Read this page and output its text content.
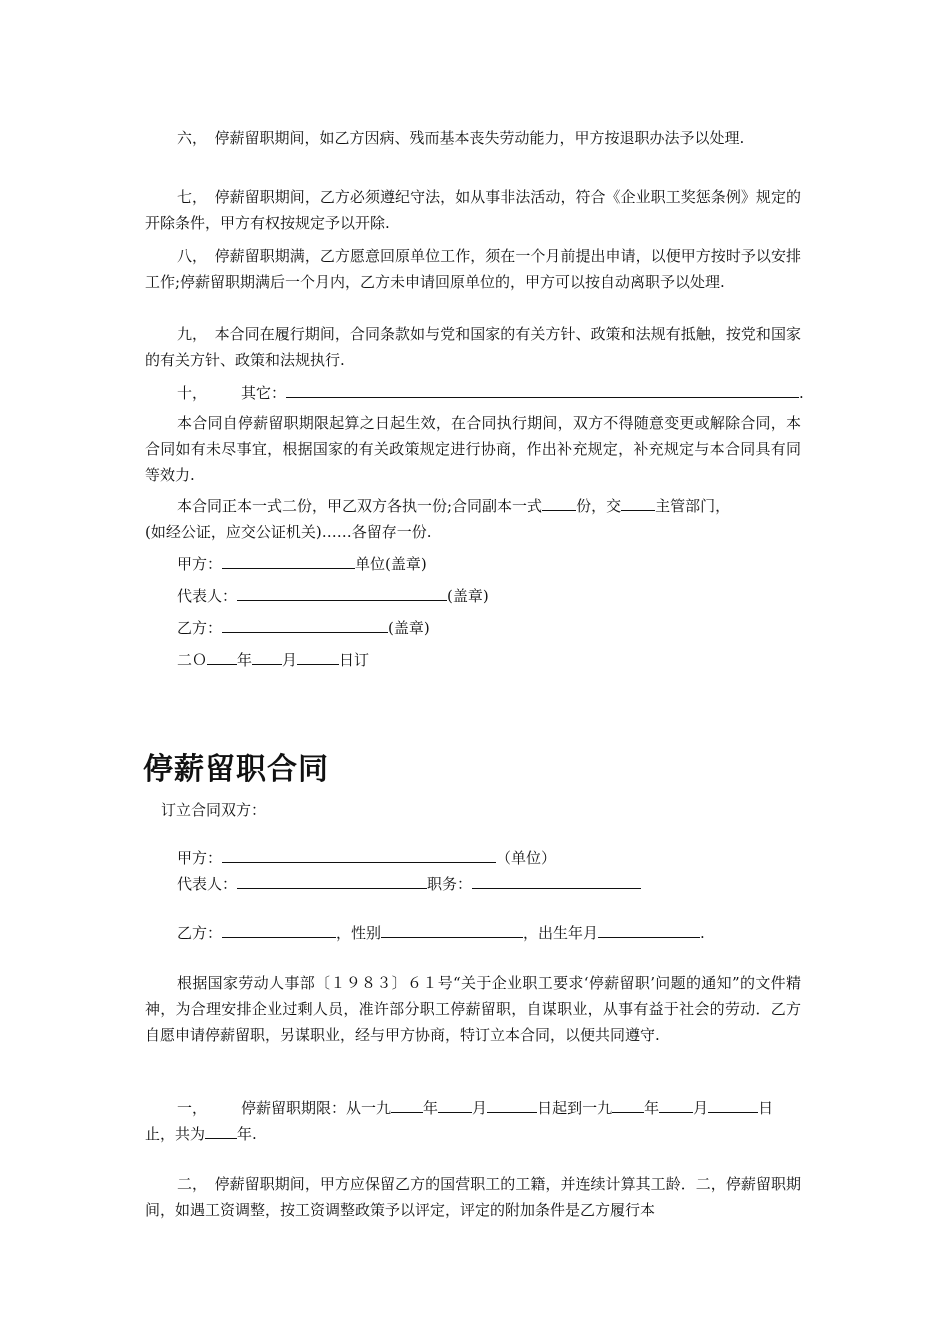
六，　停薪留职期间，如乙方因病、残而基本丧失劳动能力，甲方按退职办法予以处理.

七，　停薪留职期间，乙方必须遵纪守法，如从事非法活动，符合《企业职工奖惩条例》规定的开除条件，甲方有权按规定予以开除.

八，　停薪留职期满，乙方愿意回原单位工作，须在一个月前提出申请，以便甲方按时予以安排工作;停薪留职期满后一个月内，乙方未申请回原单位的，甲方可以按自动离职予以处理.

九，　本合同在履行期间，合同条款如与党和国家的有关方针、政策和法规有抵触，按党和国家的有关方针、政策和法规执行.

十， 其它：	.

本合同自停薪留职期限起算之日起生效，在合同执行期间，双方不得随意变更或解除合同，本合同如有未尽事宜，根据国家的有关政策规定进行协商，作出补充规定，补充规定与本合同具有同等效力.

本合同正本一式二份，甲乙双方各执一份;合同副本一式 份，交 主管部门，

(如经公证，应交公证机关)……各留存一份.

甲方：	单位(盖章)

代表人：	(盖章)

乙方：	(盖章)

二Ｏ 年 月	日订

停薪留职合同

订立合同双方：

甲方：	（单位）

代表人：	职务：

乙方：	，性别	，出生年月	.

根据国家劳动人事部〔１９８３〕６１号“关于企业职工要求‘停薪留职’问题的通知”的文件精神，为合理安排企业过剩人员，准许部分职工停薪留职，自谋职业，从事有益于社会的劳动．乙方自愿申请停薪留职，另谋职业，经与甲方协商，特订立本合同，以便共同遵守.

一， 停薪留职期限：从一九 年 月	日起到一九 年 月	日

止，共为 年.

二，　停薪留职期间，甲方应保留乙方的国营职工的工籍，并连续计算其工龄．二，停薪留职期间，如遇工资调整，按工资调整政策予以评定，评定的附加条件是乙方履行本
